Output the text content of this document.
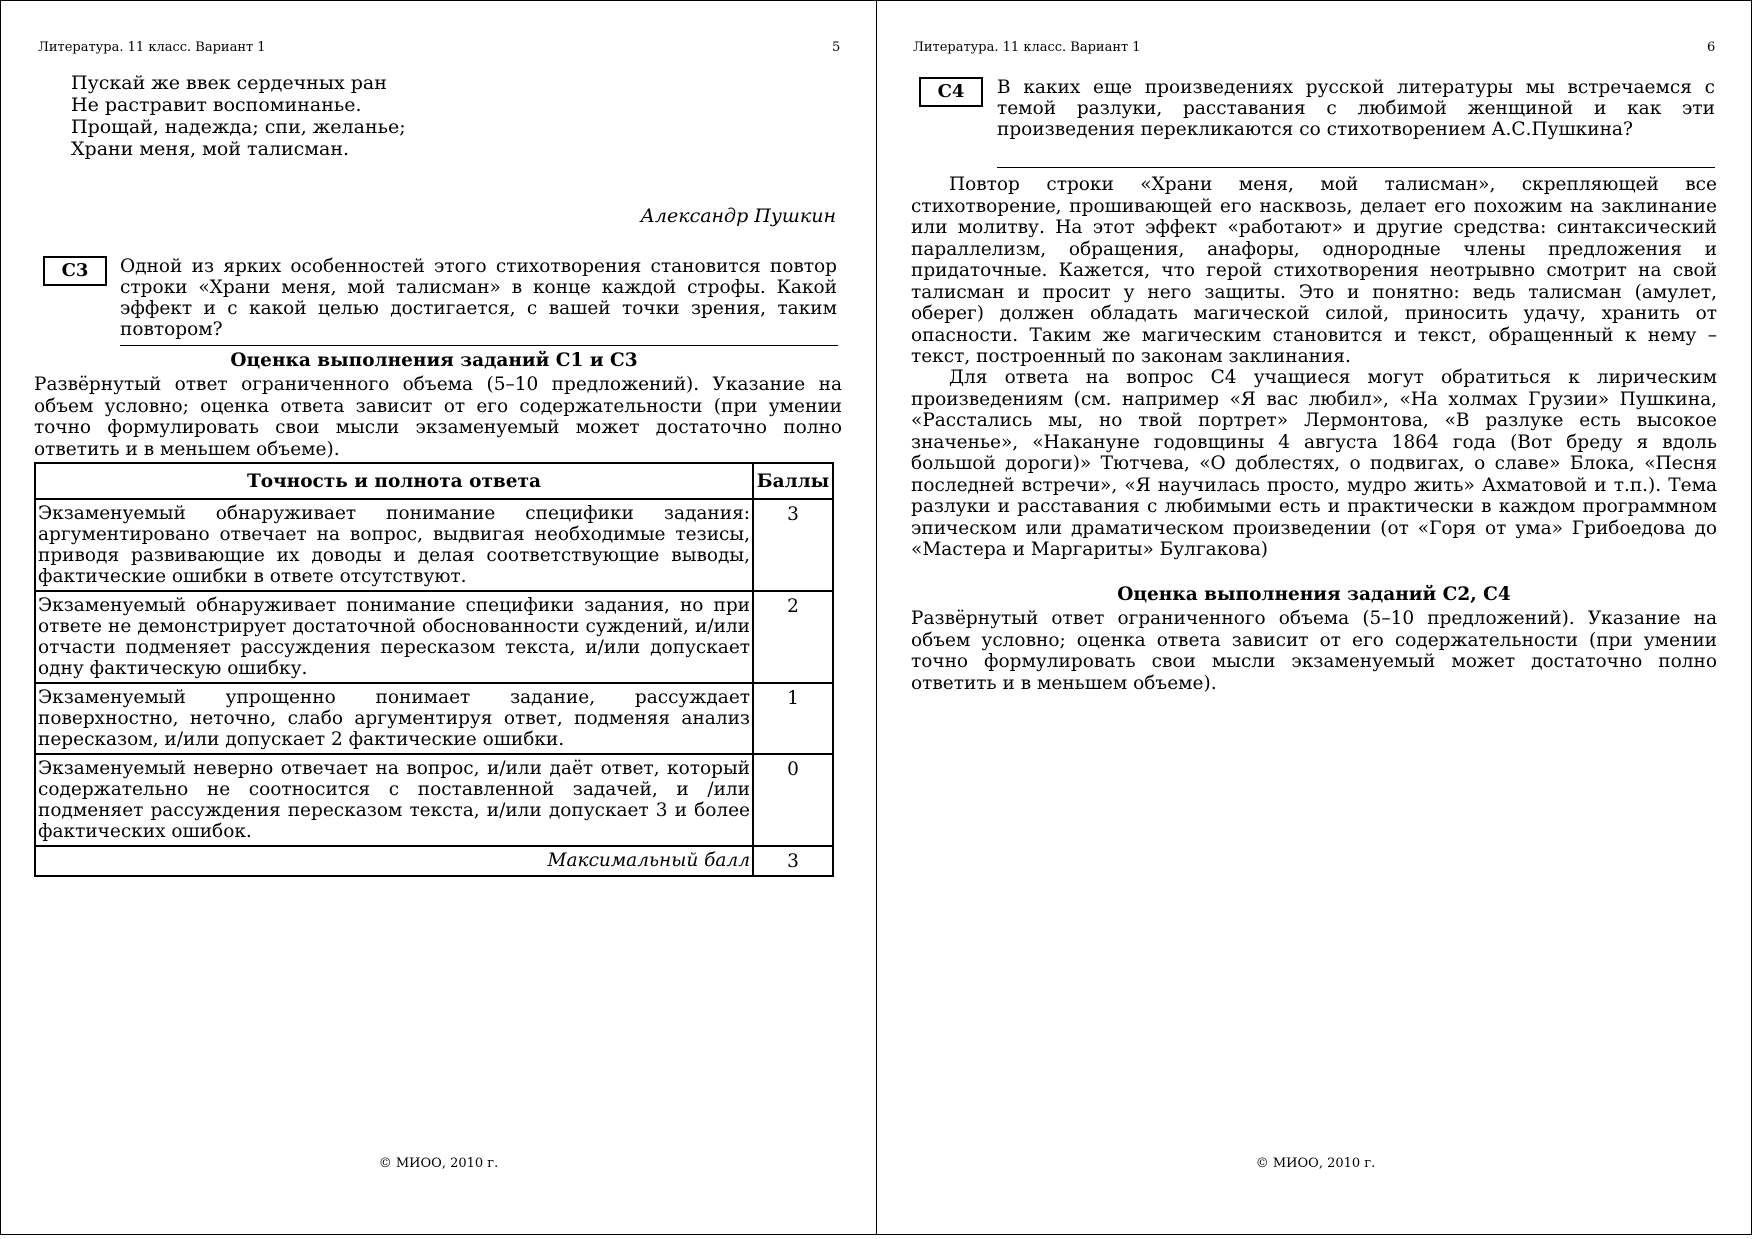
Литература. 11 класс. Вариант 1	5
Пускай же ввек сердечных ран
Не растравит воспоминанье.
Прощай, надежда; спи, желанье;
Храни меня, мой талисман.
Александр Пушкин
С3	Одной из ярких особенностей этого стихотворения становится повтор строки «Храни меня, мой талисман» в конце каждой строфы. Какой эффект и с какой целью достигается, с вашей точки зрения, таким повтором?
Оценка выполнения заданий С1 и С3
Развёрнутый ответ ограниченного объема (5–10 предложений). Указание на объем условно; оценка ответа зависит от его содержательности (при умении точно формулировать свои мысли экзаменуемый может достаточно полно ответить и в меньшем объеме).
Точность и полнота ответа	Баллы
Экзаменуемый обнаруживает понимание специфики задания: аргументировано отвечает на вопрос, выдвигая необходимые тезисы, приводя развивающие их доводы и делая соответствующие выводы, фактические ошибки в ответе отсутствуют.	3
Экзаменуемый обнаруживает понимание специфики задания, но при ответе не демонстрирует достаточной обоснованности суждений, и/или отчасти подменяет рассуждения пересказом текста, и/или допускает одну фактическую ошибку.	2
Экзаменуемый упрощенно понимает задание, рассуждает поверхностно, неточно, слабо аргументируя ответ, подменяя анализ пересказом, и/или допускает 2 фактические ошибки.	1
Экзаменуемый неверно отвечает на вопрос, и/или даёт ответ, который содержательно не соотносится с поставленной задачей, и /или подменяет рассуждения пересказом текста, и/или допускает 3 и более фактических ошибок.	0
Максимальный балл	3
© МИОО, 2010 г.
Литература. 11 класс. Вариант 1	6
С4	В каких еще произведениях русской литературы мы встречаемся с темой разлуки, расставания с любимой женщиной и как эти произведения перекликаются со стихотворением А.С.Пушкина?
Повтор строки «Храни меня, мой талисман», скрепляющей все стихотворение, прошивающей его насквозь, делает его похожим на заклинание или молитву. На этот эффект «работают» и другие средства: синтаксический параллелизм, обращения, анафоры, однородные члены предложения и придаточные. Кажется, что герой стихотворения неотрывно смотрит на свой талисман и просит у него защиты. Это и понятно: ведь талисман (амулет, оберег) должен обладать магической силой, приносить удачу, хранить от опасности. Таким же магическим становится и текст, обращенный к нему – текст, построенный по законам заклинания.
Для ответа на вопрос С4 учащиеся могут обратиться к лирическим произведениям (см. например «Я вас любил», «На холмах Грузии» Пушкина, «Расстались мы, но твой портрет» Лермонтова, «В разлуке есть высокое значенье», «Накануне годовщины 4 августа 1864 года (Вот бреду я вдоль большой дороги)» Тютчева, «О доблестях, о подвигах, о славе» Блока, «Песня последней встречи», «Я научилась просто, мудро жить» Ахматовой и т.п.). Тема разлуки и расставания с любимыми есть и практически в каждом программном эпическом или драматическом произведении (от «Горя от ума» Грибоедова до «Мастера и Маргариты» Булгакова)
Оценка выполнения заданий С2, С4
Развёрнутый ответ ограниченного объема (5–10 предложений). Указание на объем условно; оценка ответа зависит от его содержательности (при умении точно формулировать свои мысли экзаменуемый может достаточно полно ответить и в меньшем объеме).
© МИОО, 2010 г.
